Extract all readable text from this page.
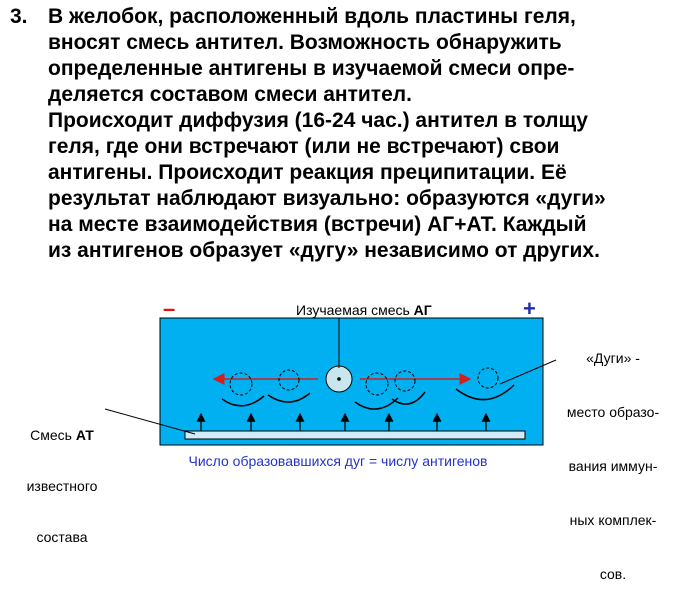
3. В желобок, расположенный вдоль пластины геля,
вносят смесь антител. Возможность обнаружить
определенные антигены в изучаемой смеси опре-
деляется составом смеси антител.
Происходит диффузия (16-24 час.) антител в толщу
геля, где они встречают (или не встречают) свои
антигены. Происходит реакция преципитации. Её
результат наблюдают визуально: образуются «дуги»
на месте взаимодействия (встречи) АГ+АТ. Каждый
из антигенов образует «дугу» независимо от других.
–	+
Изучаемая смесь АГ

«Дуги» -

место образо-

вания иммун-

ных комплек-

сов.

Смесь АТ

известного

состава

Число образовавшихся дуг = числу антигенов
